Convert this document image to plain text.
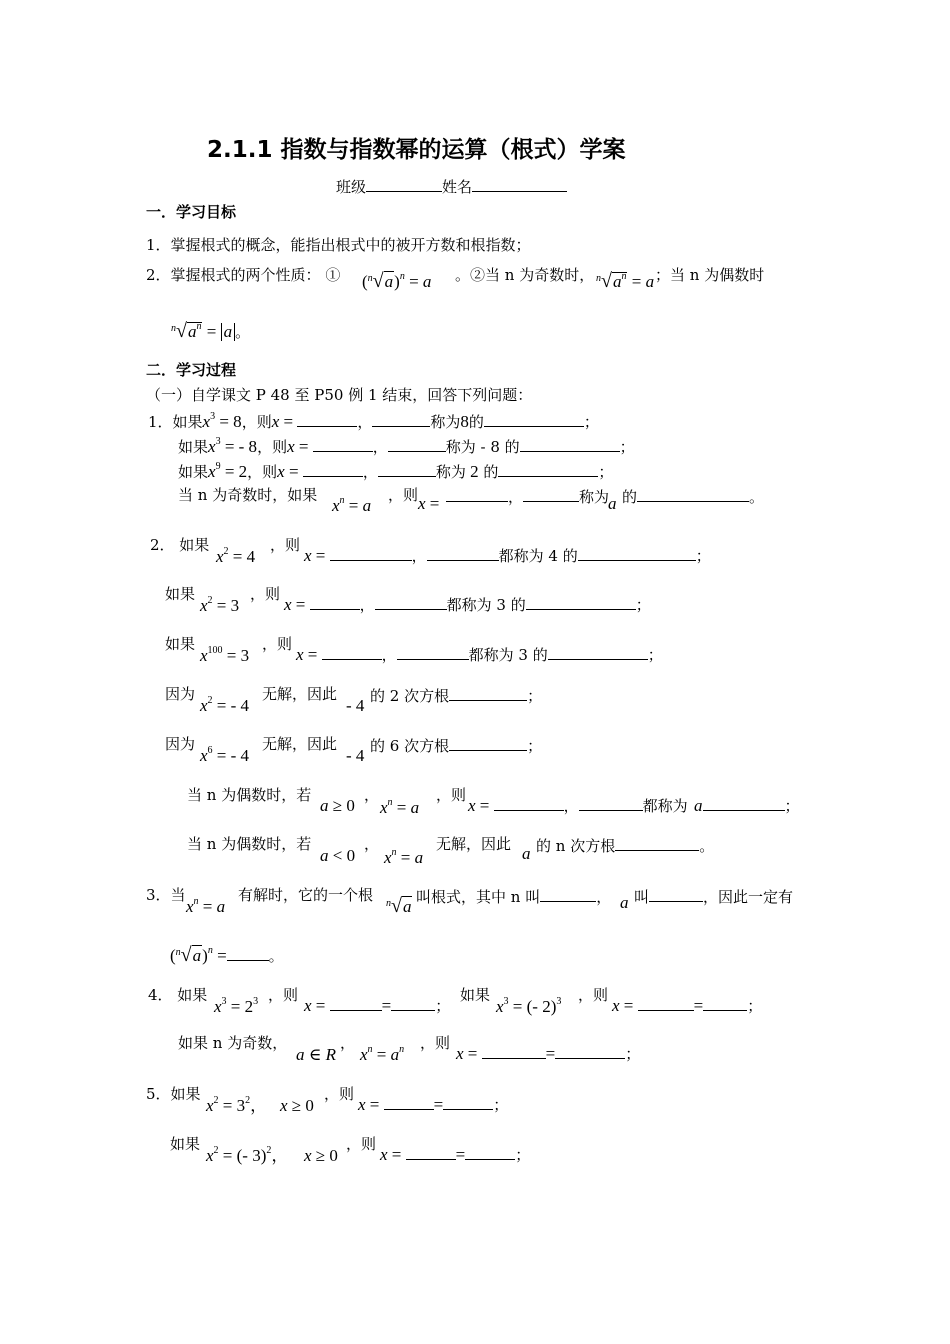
2.1.1 指数与指数幂的运算（根式）学案
班级	姓名
一．学习目标
1．掌握根式的概念，能指出根式中的被开方数和根指数；
2．掌握根式的两个性质： ① $(^n√a)^n = a$ 。②当 n 为奇数时， $^n√a^n = a$ ；当 n 为偶数时
$^n√a^n = a$ 。
二．学习过程
（一）自学课文 P 48 至 P50 例 1 结束，回答下列问题：
1．如果$x^3 = 8$，则x =	，	称为8的	；
如果$x^3$ = - 8，则x =	，	称为 - 8 的	；
如果$x^9 = 2$，则x =	，	称为 2 的	；
当 n 为奇数时，如果
$x^n = a$
，则 x =	，	称为
a 的	。
2． 如果
$x^2 = 4$
，则
x =	，	都称为 4 的	；
如果
$x^2 = 3$
，则
x =	，	都称为 3 的	；
如果
$x^{100} = 3$
，则
x =	，	都称为 3 的	；
因为
$x^2$ = - 4
无解，因此
- 4 的 2 次方根	；
因为
$x^6$ = - 4
无解，因此
- 4 的 6 次方根	；
当 n 为偶数时，若
a ≥ 0
，
$x^n = a$
，则
x =	，	都称为 a	；
当 n 为偶数时，若
a < 0
，
$x^n = a$
无解，因此 a 的 n 次方根	。
3．当
$x^n = a$
有解时，它的一个根 $^n$√a 叫根式，其中 n 叫	， a 叫	，因此一定有
$(^n√a)^n$ =	。
4． 如果
$x^3 = 2^3$ ，则
x =	=	；
如果
$x^3$ = (- 2)$^3$ ，则
x =	=	；
如果 n 为奇数，
a ∈ R
，
$x^n = a^n$ ，则
x =	=	；
5．如果
$x^2 = 3^2$， x ≥ 0
，则
x =	=	；
如果
$x^2$ = (- 3)$^2$， x ≥ 0
，则
x =	=	；
